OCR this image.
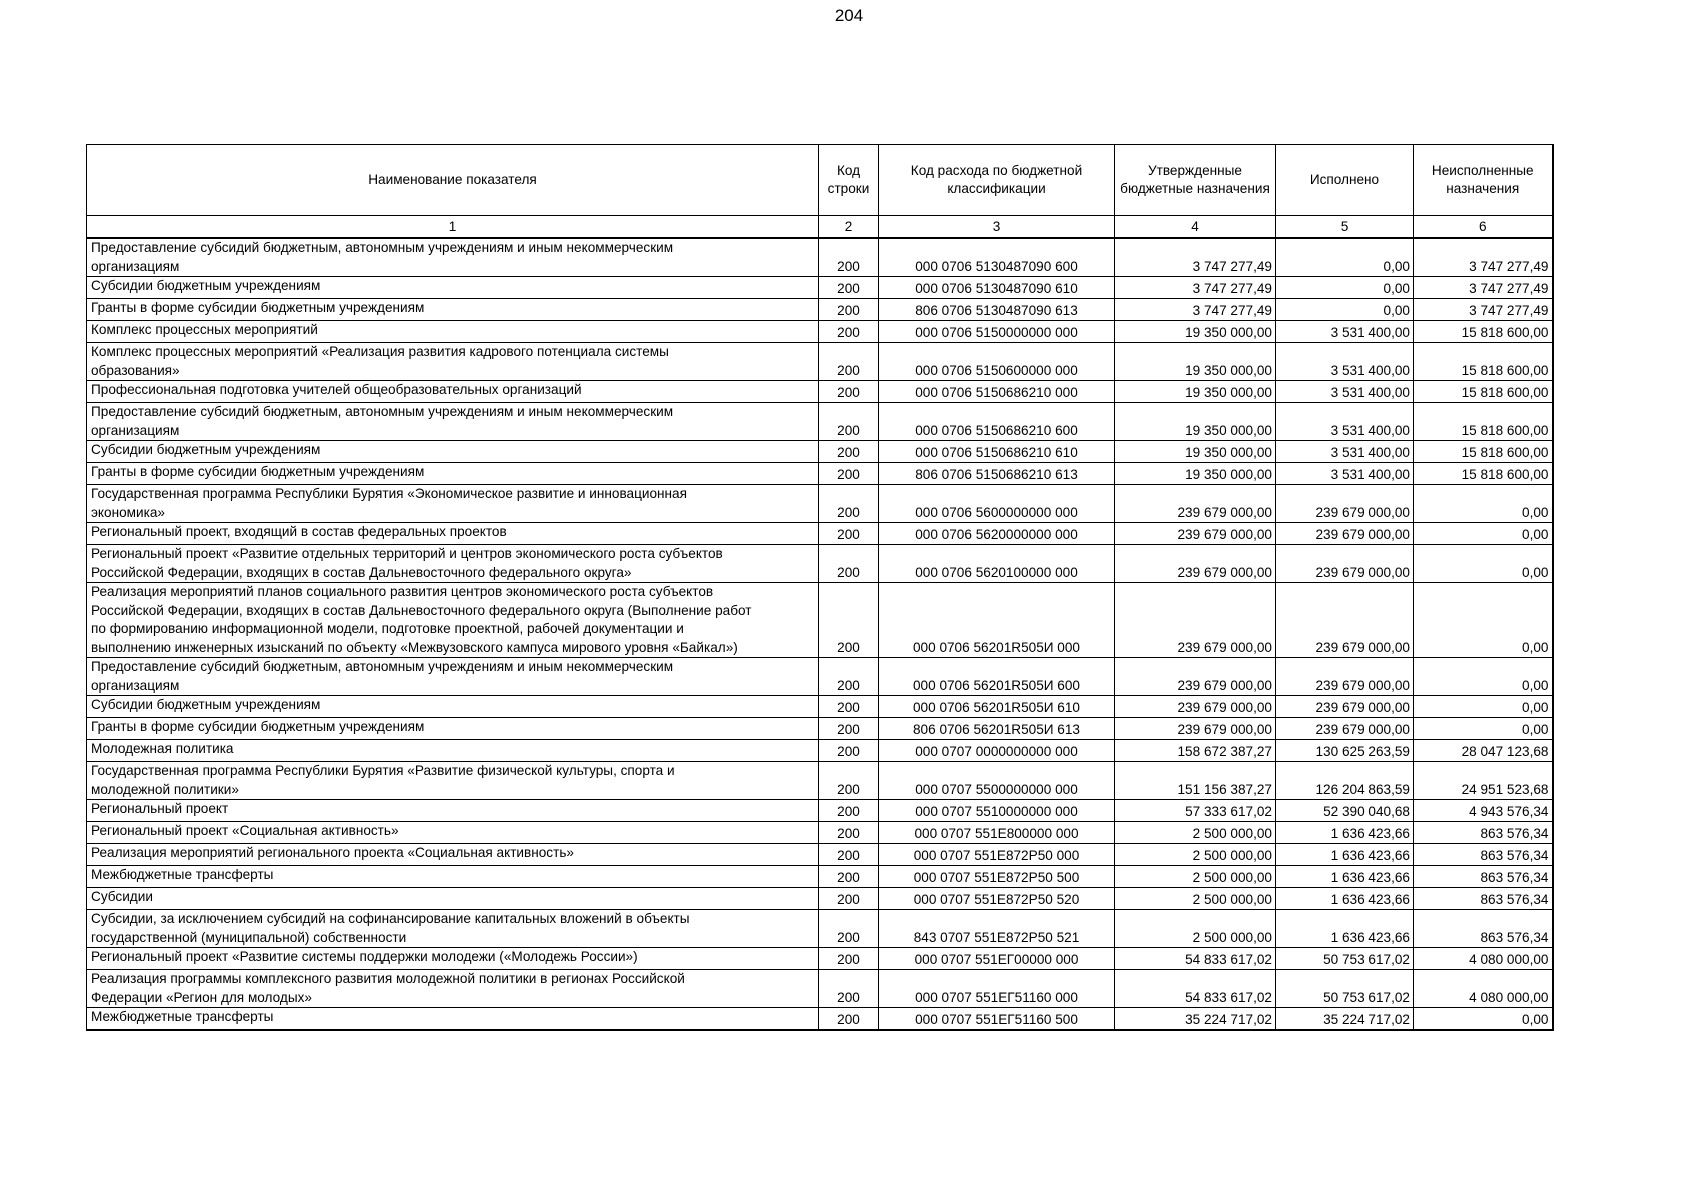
204
Наименование показателя	Код строки	Код расхода по бюджетной классификации	Утвержденные бюджетные назначения	Исполнено	Неисполненные назначения
1	2	3	4	5	6
Предоставление субсидий бюджетным, автономным учреждениям и иным некоммерческим
организациям	200	000 0706 5130487090 600	3 747 277,49	0,00	3 747 277,49
Субсидии бюджетным учреждениям	200	000 0706 5130487090 610	3 747 277,49	0,00	3 747 277,49
Гранты в форме субсидии бюджетным учреждениям	200	806 0706 5130487090 613	3 747 277,49	0,00	3 747 277,49
Комплекс процессных мероприятий	200	000 0706 5150000000 000	19 350 000,00	3 531 400,00	15 818 600,00
Комплекс процессных мероприятий «Реализация развития кадрового потенциала системы
образования»	200	000 0706 5150600000 000	19 350 000,00	3 531 400,00	15 818 600,00
Профессиональная подготовка учителей общеобразовательных организаций	200	000 0706 5150686210 000	19 350 000,00	3 531 400,00	15 818 600,00
Предоставление субсидий бюджетным, автономным учреждениям и иным некоммерческим
организациям	200	000 0706 5150686210 600	19 350 000,00	3 531 400,00	15 818 600,00
Субсидии бюджетным учреждениям	200	000 0706 5150686210 610	19 350 000,00	3 531 400,00	15 818 600,00
Гранты в форме субсидии бюджетным учреждениям	200	806 0706 5150686210 613	19 350 000,00	3 531 400,00	15 818 600,00
Государственная программа Республики Бурятия «Экономическое развитие и инновационная
экономика»	200	000 0706 5600000000 000	239 679 000,00	239 679 000,00	0,00
Региональный проект, входящий в состав федеральных проектов	200	000 0706 5620000000 000	239 679 000,00	239 679 000,00	0,00
Региональный проект «Развитие отдельных территорий и центров экономического роста субъектов
Российской Федерации, входящих в состав Дальневосточного федерального округа»	200	000 0706 5620100000 000	239 679 000,00	239 679 000,00	0,00
Реализация мероприятий планов социального развития центров экономического роста субъектов
Российской Федерации, входящих в состав Дальневосточного федерального округа (Выполнение работ
по формированию информационной модели, подготовке проектной, рабочей документации и
выполнению инженерных изысканий по объекту «Межвузовского кампуса мирового уровня «Байкал»)	200	000 0706 56201R505И 000	239 679 000,00	239 679 000,00	0,00
Предоставление субсидий бюджетным, автономным учреждениям и иным некоммерческим
организациям	200	000 0706 56201R505И 600	239 679 000,00	239 679 000,00	0,00
Субсидии бюджетным учреждениям	200	000 0706 56201R505И 610	239 679 000,00	239 679 000,00	0,00
Гранты в форме субсидии бюджетным учреждениям	200	806 0706 56201R505И 613	239 679 000,00	239 679 000,00	0,00
Молодежная политика	200	000 0707 0000000000 000	158 672 387,27	130 625 263,59	28 047 123,68
Государственная программа Республики Бурятия «Развитие физической культуры, спорта и
молодежной политики»	200	000 0707 5500000000 000	151 156 387,27	126 204 863,59	24 951 523,68
Региональный проект	200	000 0707 5510000000 000	57 333 617,02	52 390 040,68	4 943 576,34
Региональный проект «Социальная активность»	200	000 0707 551E800000 000	2 500 000,00	1 636 423,66	863 576,34
Реализация мероприятий регионального проекта «Социальная активность»	200	000 0707 551E872P50 000	2 500 000,00	1 636 423,66	863 576,34
Межбюджетные трансферты	200	000 0707 551E872P50 500	2 500 000,00	1 636 423,66	863 576,34
Субсидии	200	000 0707 551E872P50 520	2 500 000,00	1 636 423,66	863 576,34
Субсидии, за исключением субсидий на софинансирование капитальных вложений в объекты
государственной (муниципальной) собственности	200	843 0707 551E872P50 521	2 500 000,00	1 636 423,66	863 576,34
Региональный проект «Развитие системы поддержки молодежи («Молодежь России»)	200	000 0707 551EГ00000 000	54 833 617,02	50 753 617,02	4 080 000,00
Реализация программы комплексного развития молодежной политики в регионах Российской
Федерации «Регион для молодых»	200	000 0707 551EГ51160 000	54 833 617,02	50 753 617,02	4 080 000,00
Межбюджетные трансферты	200	000 0707 551EГ51160 500	35 224 717,02	35 224 717,02	0,00
